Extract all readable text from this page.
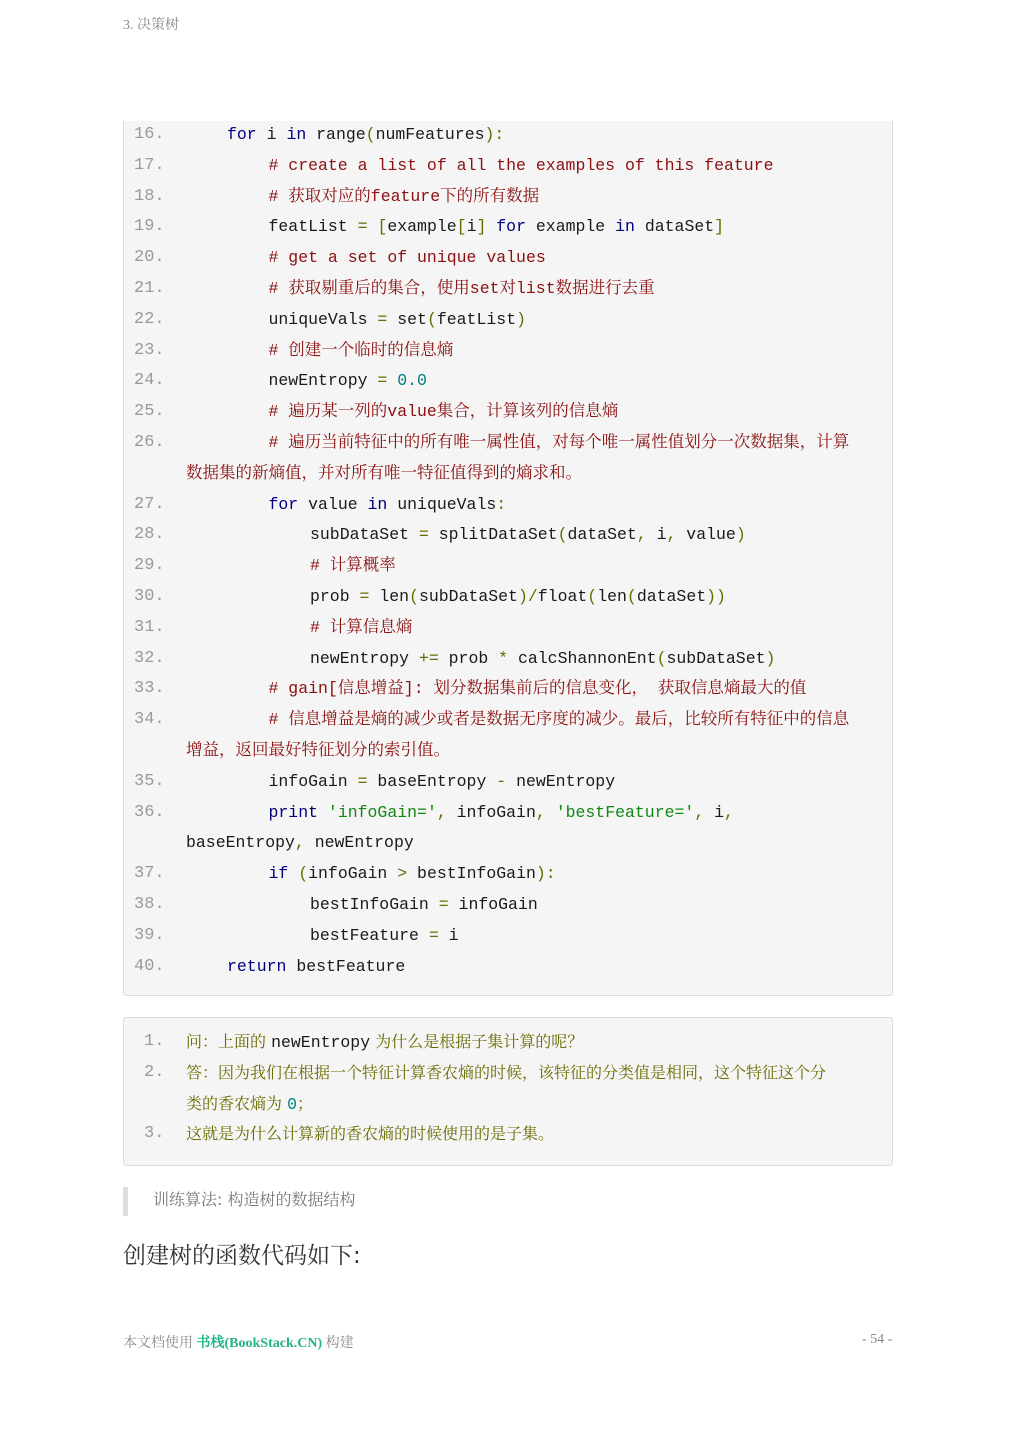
3. 决策树
16.	for i in range(numFeatures):
17.	# create a list of all the examples of this feature
18.	# 获取对应的feature下的所有数据
19.	featList = [example[i] for example in dataSet]
20.	# get a set of unique values
21.	# 获取剔重后的集合，使用set对list数据进行去重
22.	uniqueVals = set(featList)
23.	# 创建一个临时的信息熵
24.	newEntropy = 0.0
25.	# 遍历某一列的value集合，计算该列的信息熵
26.	# 遍历当前特征中的所有唯一属性值，对每个唯一属性值划分一次数据集，计算
数据集的新熵值，并对所有唯一特征值得到的熵求和。
27.	for value in uniqueVals:
28.	subDataSet = splitDataSet(dataSet, i, value)
29.	# 计算概率
30.	prob = len(subDataSet)/float(len(dataSet))
31.	# 计算信息熵
32.	newEntropy += prob * calcShannonEnt(subDataSet)
33.	# gain[信息增益]: 划分数据集前后的信息变化， 获取信息熵最大的值
34.	# 信息增益是熵的减少或者是数据无序度的减少。最后，比较所有特征中的信息
增益，返回最好特征划分的索引值。
35.	infoGain = baseEntropy - newEntropy
36.	print 'infoGain=', infoGain, 'bestFeature=', i,
baseEntropy, newEntropy
37.	if (infoGain > bestInfoGain):
38.	bestInfoGain = infoGain
39.	bestFeature = i
40.	return bestFeature
1.	问：上面的 newEntropy 为什么是根据子集计算的呢？
2.	答：因为我们在根据一个特征计算香农熵的时候，该特征的分类值是相同，这个特征这个分
类的香农熵为 0；
3.	这就是为什么计算新的香农熵的时候使用的是子集。
训练算法: 构造树的数据结构
创建树的函数代码如下:
本文档使用 书栈(BookStack.CN) 构建	- 54 -
